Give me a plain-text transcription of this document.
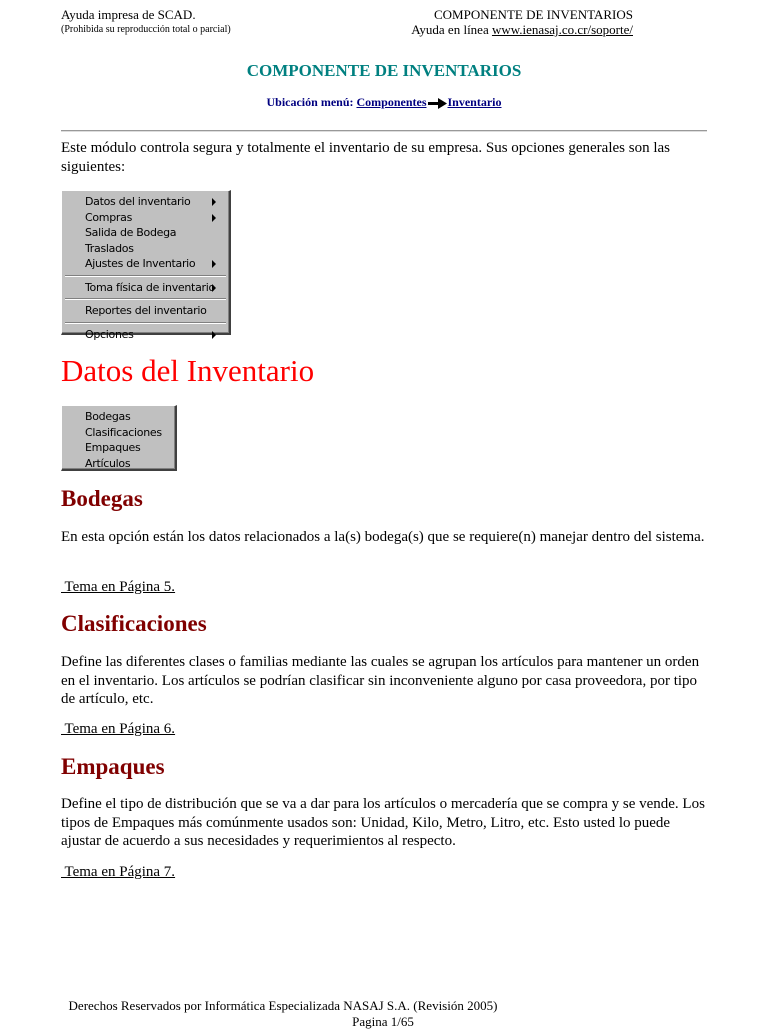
Ayuda impresa de SCAD.
(Prohibida su reproducción total o parcial)
COMPONENTE DE INVENTARIOS
Ayuda en línea www.ienasaj.co.cr/soporte/
COMPONENTE DE INVENTARIOS
Ubicación menú: Componentes Inventario
Este módulo controla segura y totalmente el inventario de su empresa. Sus opciones generales son las siguientes:
Datos del inventario
Compras
Salida de Bodega
Traslados
Ajustes de Inventario
Toma física de inventario
Reportes del inventario
Opciones
Datos del Inventario
Bodegas
Clasificaciones
Empaques
Artículos
Bodegas
En esta opción están los datos relacionados a la(s) bodega(s) que se requiere(n) manejar dentro del sistema.
Tema en Página 5.
Clasificaciones
Define las diferentes clases o familias mediante las cuales se agrupan los artículos para mantener un orden en el inventario. Los artículos se podrían clasificar sin inconveniente alguno por casa proveedora, por tipo de artículo, etc.
Tema en Página 6.
Empaques
Define el tipo de distribución que se va a dar para los artículos o mercadería que se compra y se vende. Los tipos de Empaques más comúnmente usados son: Unidad, Kilo, Metro, Litro, etc. Esto usted lo puede ajustar de acuerdo a sus necesidades y requerimientos al respecto.
Tema en Página 7.
Derechos Reservados por Informática Especializada NASAJ S.A. (Revisión 2005)
Pagina 1/65
